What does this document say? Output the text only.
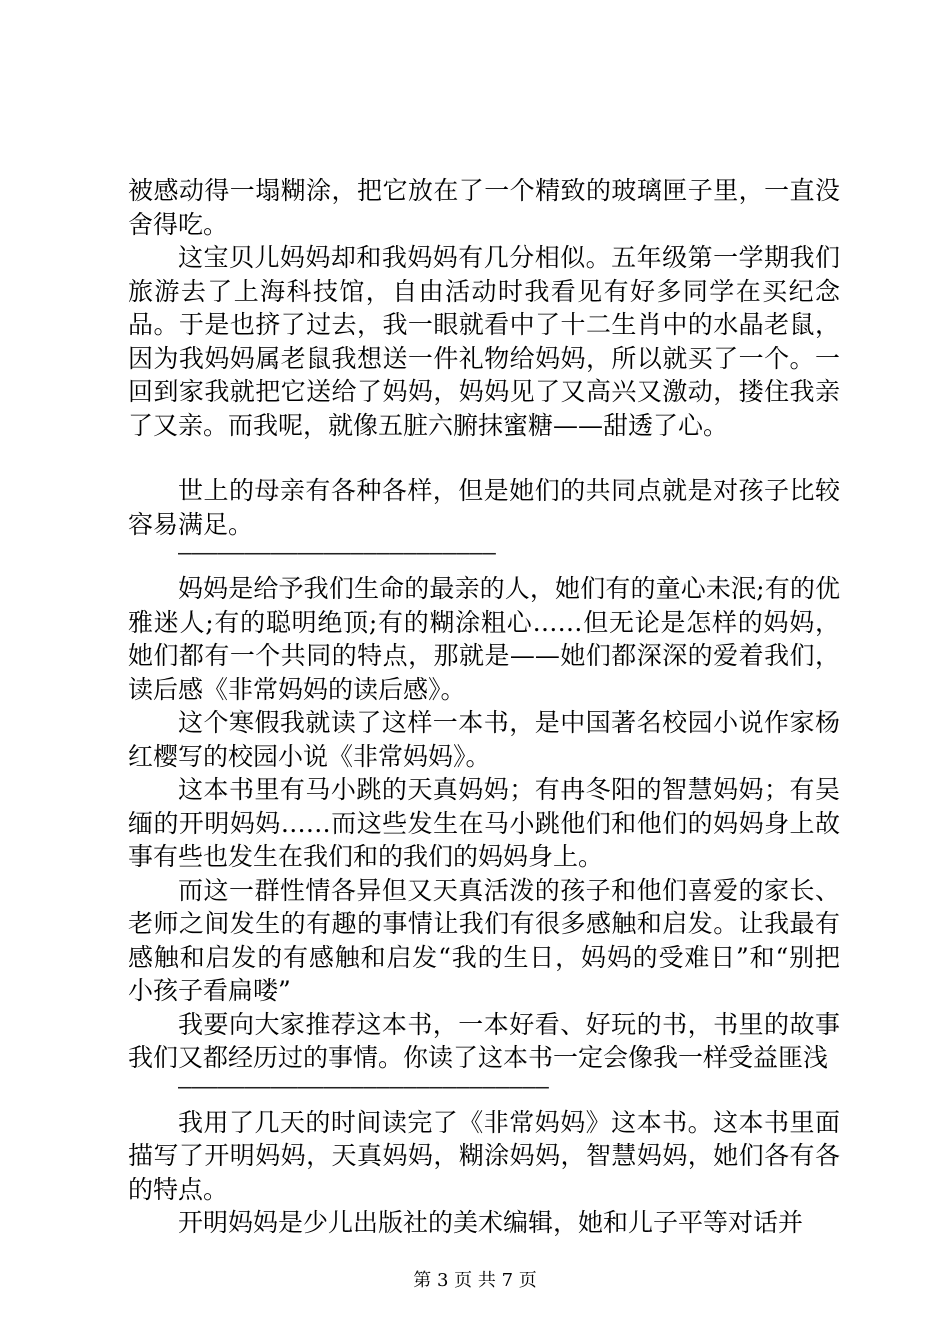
被感动得一塌糊涂，把它放在了一个精致的玻璃匣子里，一直没舍得吃。

这宝贝儿妈妈却和我妈妈有几分相似。五年级第一学期我们旅游去了上海科技馆，自由活动时我看见有好多同学在买纪念品。于是也挤了过去，我一眼就看中了十二生肖中的水晶老鼠，因为我妈妈属老鼠我想送一件礼物给妈妈，所以就买了一个。一回到家我就把它送给了妈妈，妈妈见了又高兴又激动，搂住我亲了又亲。而我呢，就像五脏六腑抹蜜糖——甜透了心。

世上的母亲有各种各样，但是她们的共同点就是对孩子比较容易满足。

————————————————————————

妈妈是给予我们生命的最亲的人，她们有的童心未泯;有的优雅迷人;有的聪明绝顶;有的糊涂粗心……但无论是怎样的妈妈，她们都有一个共同的特点，那就是——她们都深深的爱着我们，读后感《非常妈妈的读后感》。

这个寒假我就读了这样一本书，是中国著名校园小说作家杨红樱写的校园小说《非常妈妈》。

这本书里有马小跳的天真妈妈；有冉冬阳的智慧妈妈；有吴缅的开明妈妈……而这些发生在马小跳他们和他们的妈妈身上故事有些也发生在我们和的我们的妈妈身上。

而这一群性情各异但又天真活泼的孩子和他们喜爱的家长、老师之间发生的有趣的事情让我们有很多感触和启发。让我最有感触和启发的有感触和启发“我的生日，妈妈的受难日”和“别把小孩子看扁喽”

我要向大家推荐这本书，一本好看、好玩的书，书里的故事我们又都经历过的事情。你读了这本书一定会像我一样受益匪浅

————————————————————————————

我用了几天的时间读完了《非常妈妈》这本书。这本书里面描写了开明妈妈，天真妈妈，糊涂妈妈，智慧妈妈，她们各有各的特点。

开明妈妈是少儿出版社的美术编辑，她和儿子平等对话并

第 3 页 共 7 页
